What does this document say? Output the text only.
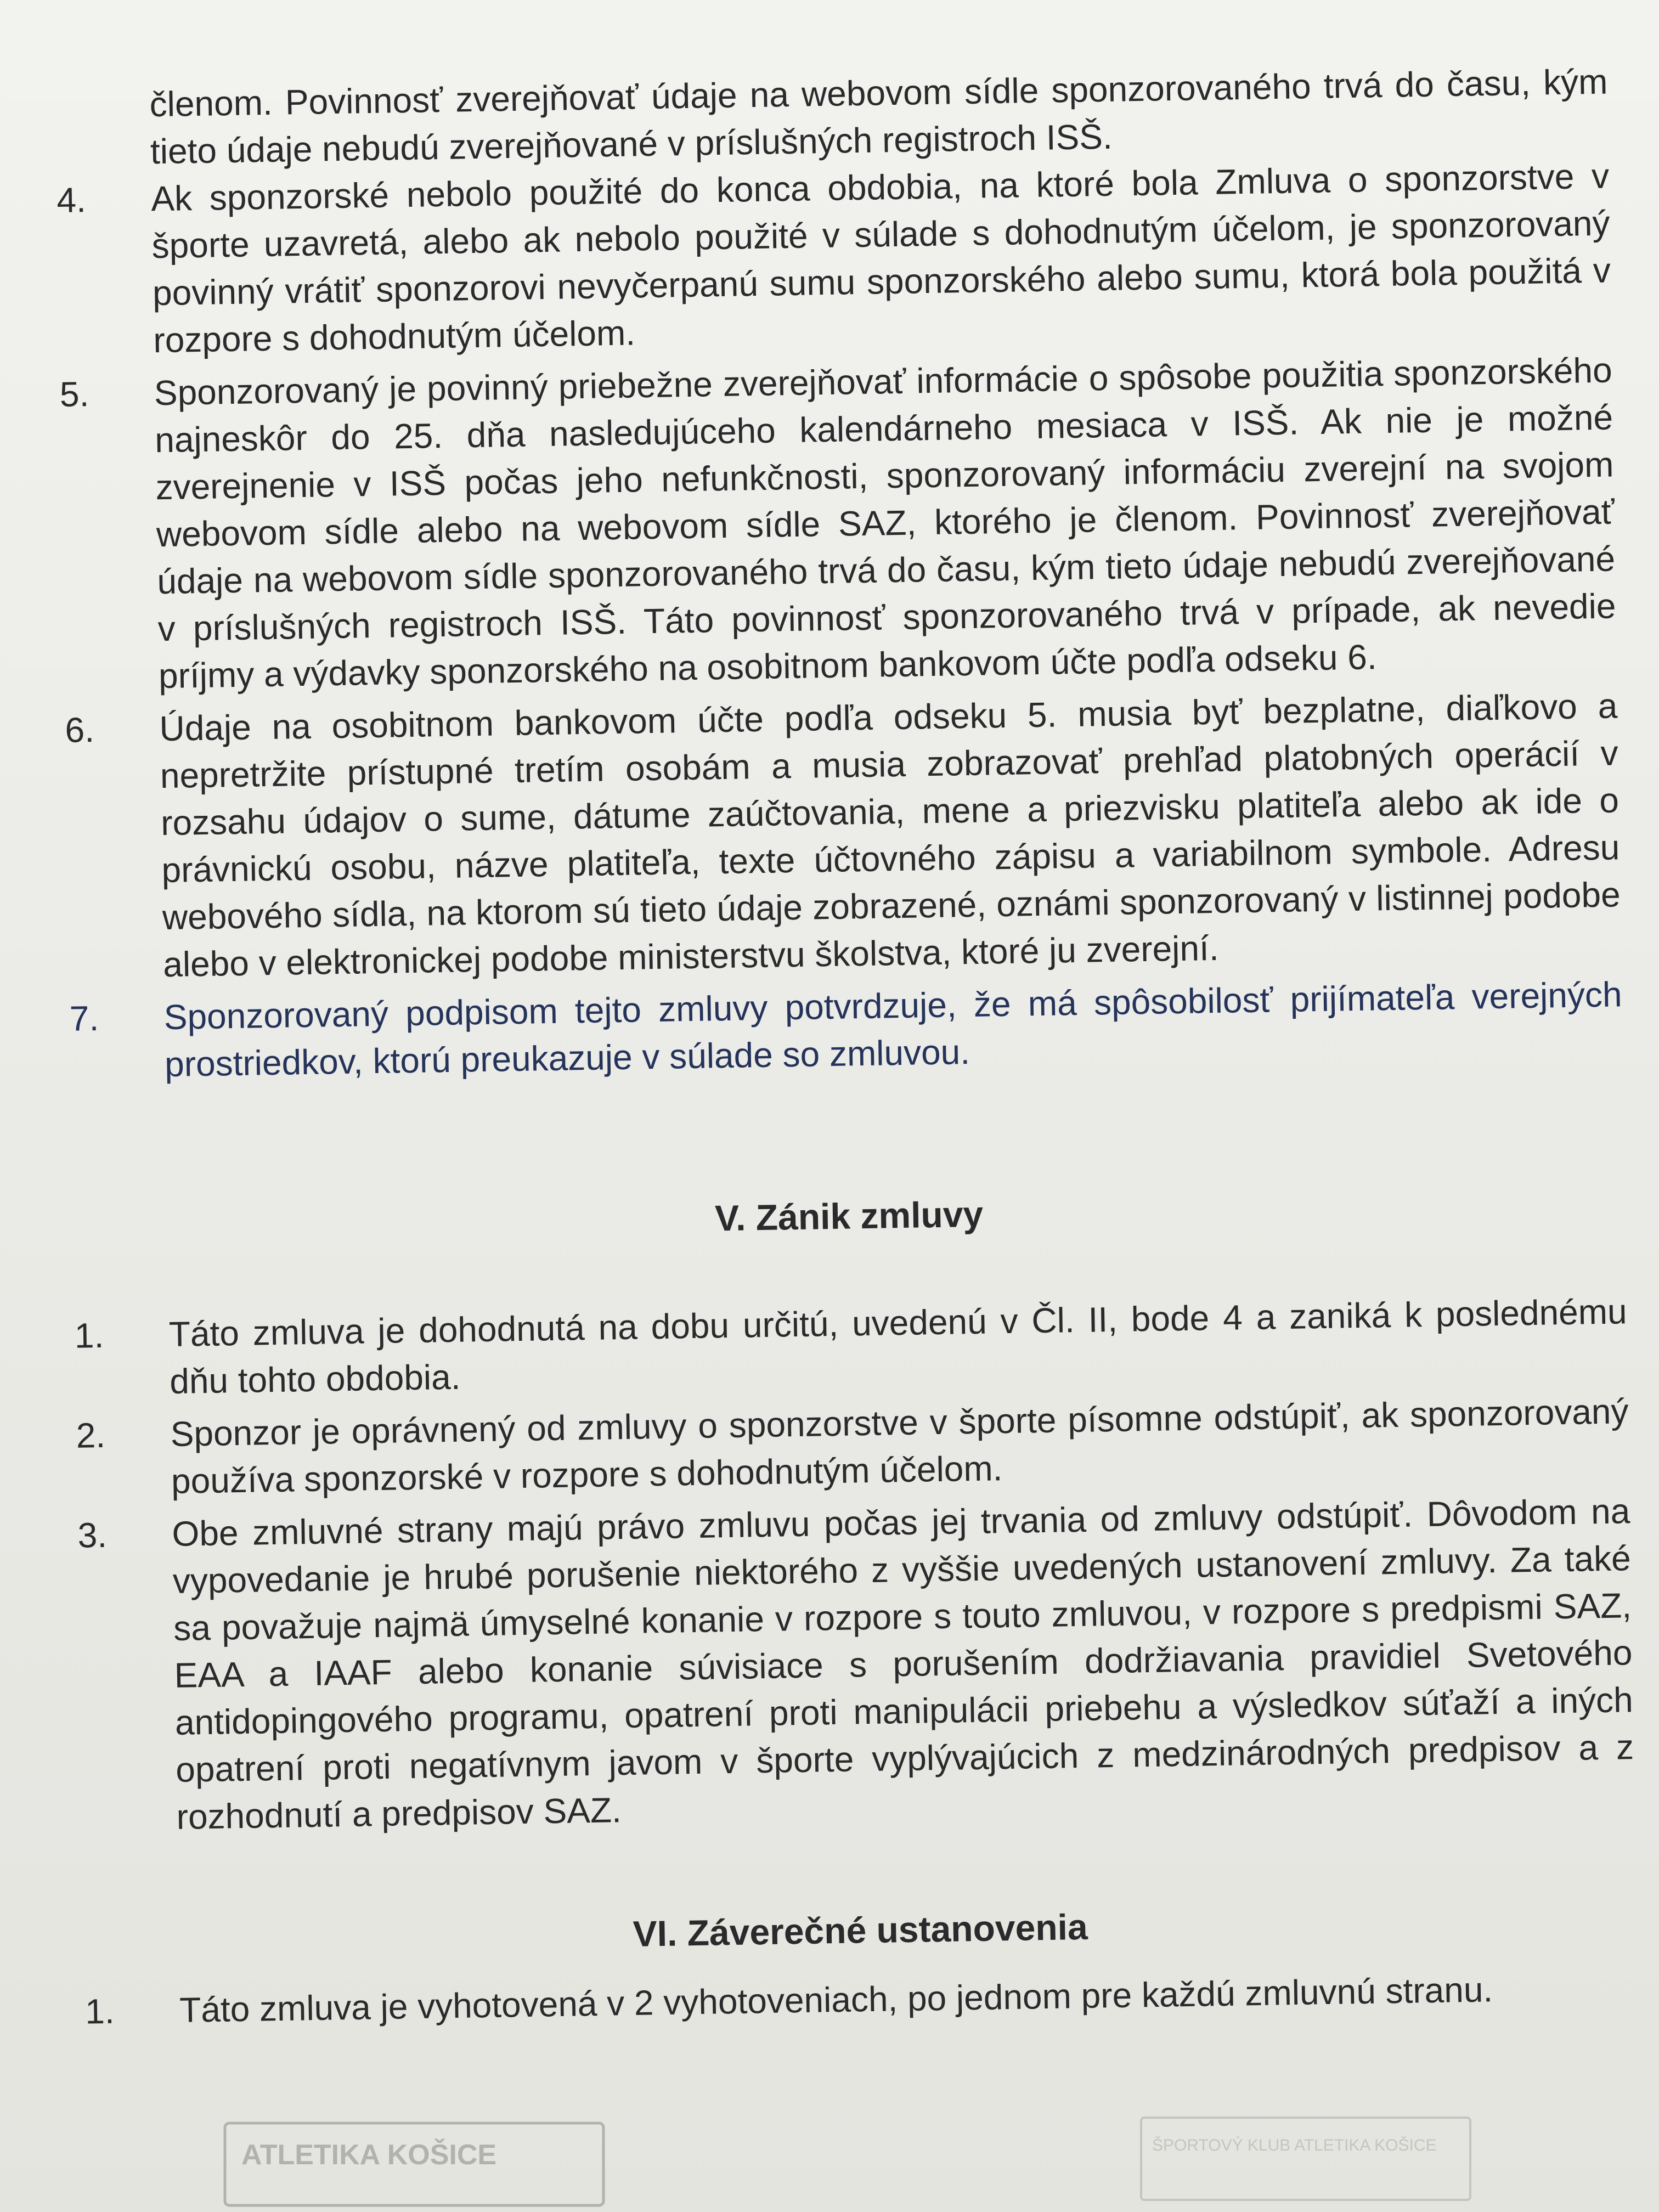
členom. Povinnosť zverejňovať údaje na webovom sídle sponzorovaného trvá do času, kým tieto údaje nebudú zverejňované v príslušných registroch ISŠ.

4.	Ak sponzorské nebolo použité do konca obdobia, na ktoré bola Zmluva o sponzorstve v športe uzavretá, alebo ak nebolo použité v súlade s dohodnutým účelom, je sponzorovaný povinný vrátiť sponzorovi nevyčerpanú sumu sponzorského alebo sumu, ktorá bola použitá v rozpore s dohodnutým účelom.
5.	Sponzorovaný je povinný priebežne zverejňovať informácie o spôsobe použitia sponzorského najneskôr do 25. dňa nasledujúceho kalendárneho mesiaca v ISŠ. Ak nie je možné zverejnenie v ISŠ počas jeho nefunkčnosti, sponzorovaný informáciu zverejní na svojom webovom sídle alebo na webovom sídle SAZ, ktorého je členom. Povinnosť zverejňovať údaje na webovom sídle sponzorovaného trvá do času, kým tieto údaje nebudú zverejňované v príslušných registroch ISŠ. Táto povinnosť sponzorovaného trvá v prípade, ak nevedie príjmy a výdavky sponzorského na osobitnom bankovom účte podľa odseku 6.
6.	Údaje na osobitnom bankovom účte podľa odseku 5. musia byť bezplatne, diaľkovo a nepretržite prístupné tretím osobám a musia zobrazovať prehľad platobných operácií v rozsahu údajov o sume, dátume zaúčtovania, mene a priezvisku platiteľa alebo ak ide o právnickú osobu, názve platiteľa, texte účtovného zápisu a variabilnom symbole. Adresu webového sídla, na ktorom sú tieto údaje zobrazené, oznámi sponzorovaný v listinnej podobe alebo v elektronickej podobe ministerstvu školstva, ktoré ju zverejní.
7.	Sponzorovaný podpisom tejto zmluvy potvrdzuje, že má spôsobilosť prijímateľa verejných prostriedkov, ktorú preukazuje v súlade so zmluvou.
V. Zánik zmluvy
1.	Táto zmluva je dohodnutá na dobu určitú, uvedenú v Čl. II, bode 4 a zaniká k poslednému dňu tohto obdobia.
2.	Sponzor je oprávnený od zmluvy o sponzorstve v športe písomne odstúpiť, ak sponzorovaný používa sponzorské v rozpore s dohodnutým účelom.
3.	Obe zmluvné strany majú právo zmluvu počas jej trvania od zmluvy odstúpiť. Dôvodom na vypovedanie je hrubé porušenie niektorého z vyššie uvedených ustanovení zmluvy. Za také sa považuje najmä úmyselné konanie v rozpore s touto zmluvou, v rozpore s predpismi SAZ, EAA a IAAF alebo konanie súvisiace s porušením dodržiavania pravidiel Svetového antidopingového programu, opatrení proti manipulácii priebehu a výsledkov súťaží a iných opatrení proti negatívnym javom v športe vyplývajúcich z medzinárodných predpisov a z rozhodnutí a predpisov SAZ.
VI. Záverečné ustanovenia
1.	Táto zmluva je vyhotovená v 2 vyhotoveniach, po jednom pre každú zmluvnú stranu.
ATLETIKA KOŠICE	ŠPORTOVÝ KLUB ATLETIKA KOŠICE
